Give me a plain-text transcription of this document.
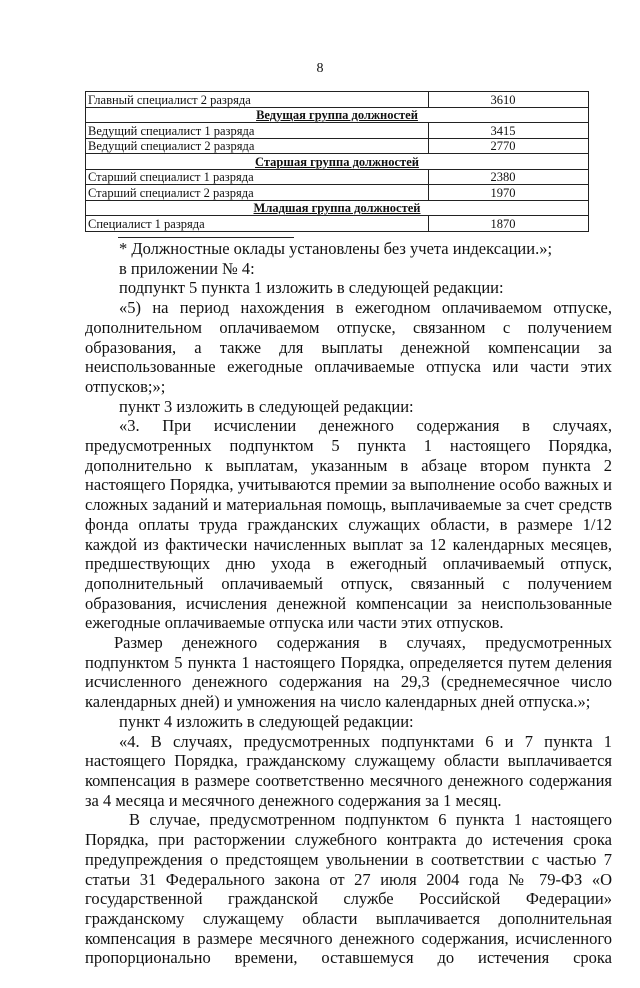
8
Главный специалист 2 разряда	3610
Ведущая группа должностей	
Ведущий специалист 1 разряда	3415
Ведущий специалист 2 разряда	2770
Старшая группа должностей	
Старший специалист 1 разряда	2380
Старший специалист 2 разряда	1970
Младшая группа должностей	
Специалист 1 разряда	1870

* Должностные оклады установлены без учета индексации.»;

в приложении № 4:

подпункт 5 пункта 1 изложить в следующей редакции:

«5) на период нахождения в ежегодном оплачиваемом отпуске, дополнительном оплачиваемом отпуске, связанном с получением образования, а также для выплаты денежной компенсации за неиспользованные ежегодные оплачиваемые отпуска или части этих отпусков;»;

пункт 3 изложить в следующей редакции:

«3. При исчислении денежного содержания в случаях, предусмотренных подпунктом 5 пункта 1 настоящего Порядка, дополнительно к выплатам, указанным в абзаце втором пункта 2 настоящего Порядка, учитываются премии за выполнение особо важных и сложных заданий и материальная помощь, выплачиваемые за счет средств фонда оплаты труда гражданских служащих области, в размере 1/12 каждой из фактически начисленных выплат за 12 календарных месяцев, предшествующих дню ухода в ежегодный оплачиваемый отпуск, дополнительный оплачиваемый отпуск, связанный с получением образования, исчисления денежной компенсации за неиспользованные ежегодные оплачиваемые отпуска или части этих отпусков.

Размер денежного содержания в случаях, предусмотренных подпунктом 5 пункта 1 настоящего Порядка, определяется путем деления исчисленного денежного содержания на 29,3 (среднемесячное число календарных дней) и умножения на число календарных дней отпуска.»;

пункт 4 изложить в следующей редакции:

«4. В случаях, предусмотренных подпунктами 6 и 7 пункта 1 настоящего Порядка, гражданскому служащему области выплачивается компенсация в размере соответственно месячного денежного содержания за 4 месяца и месячного денежного содержания за 1 месяц.

В случае, предусмотренном подпунктом 6 пункта 1 настоящего Порядка, при расторжении служебного контракта до истечения срока предупреждения о предстоящем увольнении в соответствии с частью 7 статьи 31 Федерального закона от 27 июля 2004 года № 79-ФЗ «О государственной гражданской службе Российской Федерации» гражданскому служащему области выплачивается дополнительная компенсация в размере месячного денежного содержания, исчисленного пропорционально времени, оставшемуся до истечения срока
